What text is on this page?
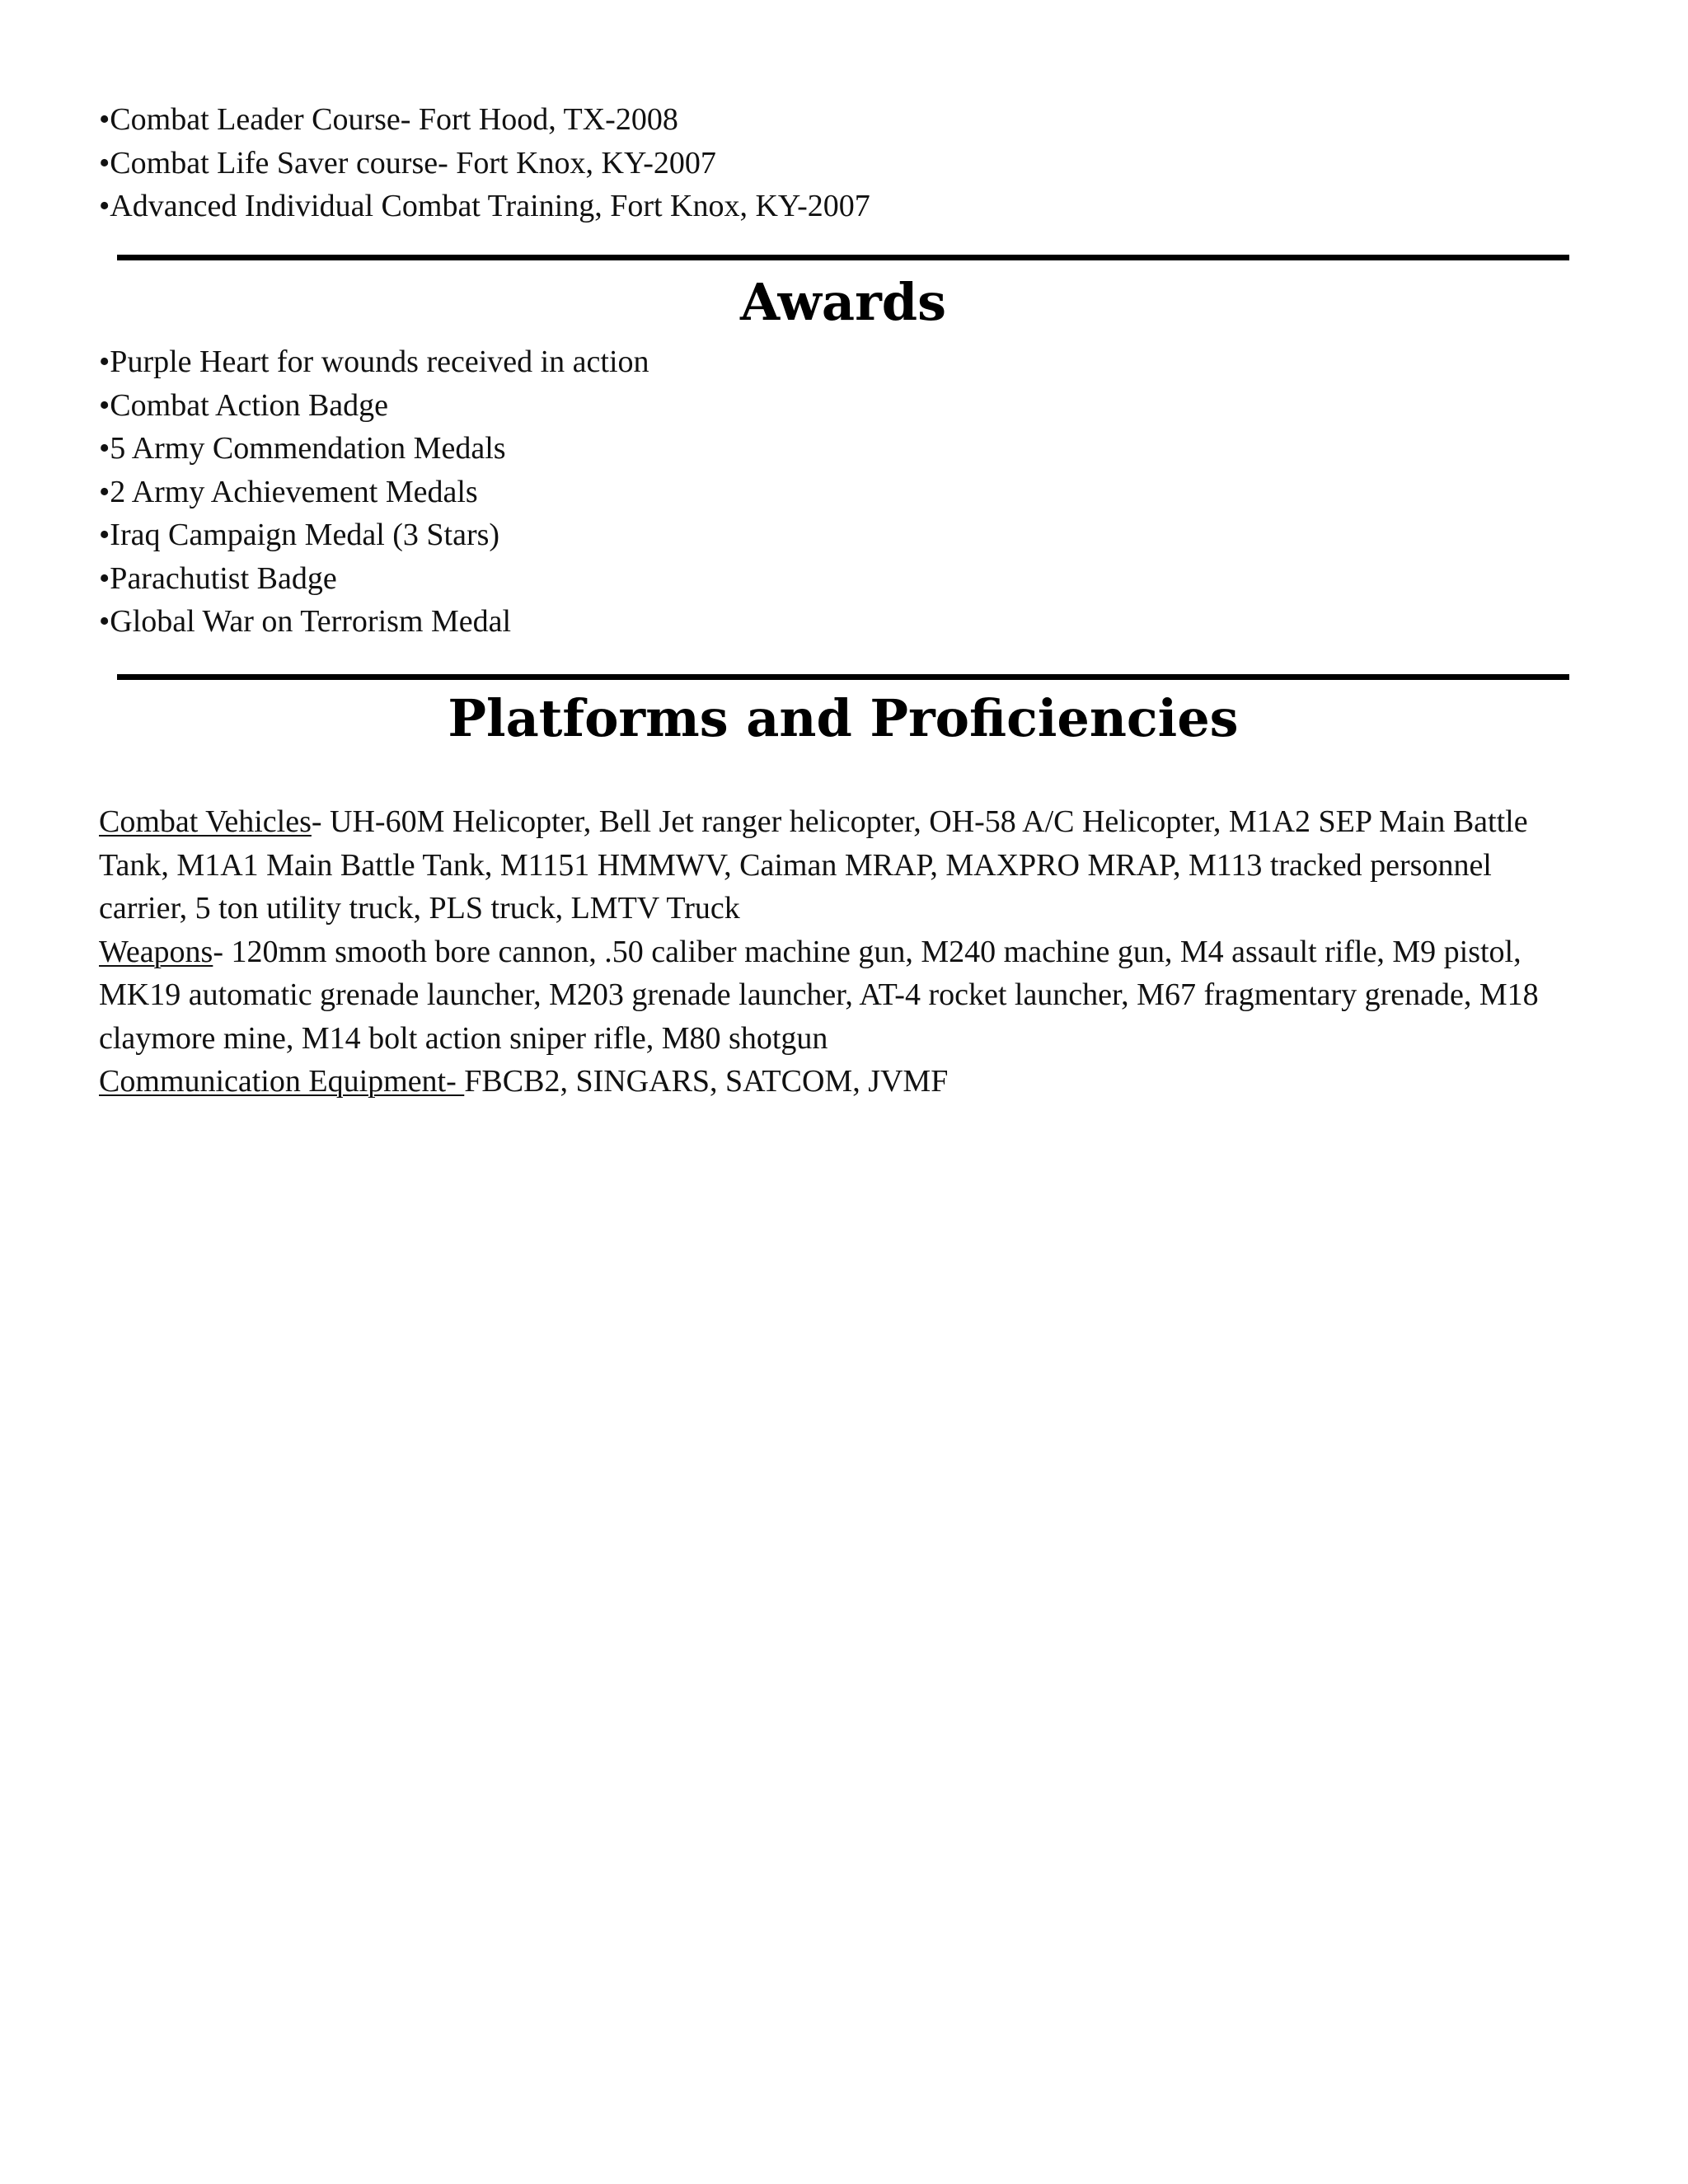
•Combat Leader Course- Fort Hood, TX-2008
•Combat Life Saver course- Fort Knox, KY-2007
•Advanced Individual Combat Training, Fort Knox, KY-2007
Awards
•Purple Heart for wounds received in action
•Combat Action Badge
•5 Army Commendation Medals
•2 Army Achievement Medals
•Iraq Campaign Medal (3 Stars)
•Parachutist Badge
•Global War on Terrorism Medal
Platforms and Proficiencies

Combat Vehicles- UH-60M Helicopter, Bell Jet ranger helicopter, OH-58 A/C Helicopter, M1A2 SEP Main Battle Tank, M1A1 Main Battle Tank, M1151 HMMWV, Caiman MRAP, MAXPRO MRAP, M113 tracked personnel carrier, 5 ton utility truck, PLS truck, LMTV Truck

Weapons- 120mm smooth bore cannon, .50 caliber machine gun, M240 machine gun, M4 assault rifle, M9 pistol, MK19 automatic grenade launcher, M203 grenade launcher, AT-4 rocket launcher, M67 fragmentary grenade, M18 claymore mine, M14 bolt action sniper rifle, M80 shotgun

Communication Equipment- FBCB2, SINGARS, SATCOM, JVMF
